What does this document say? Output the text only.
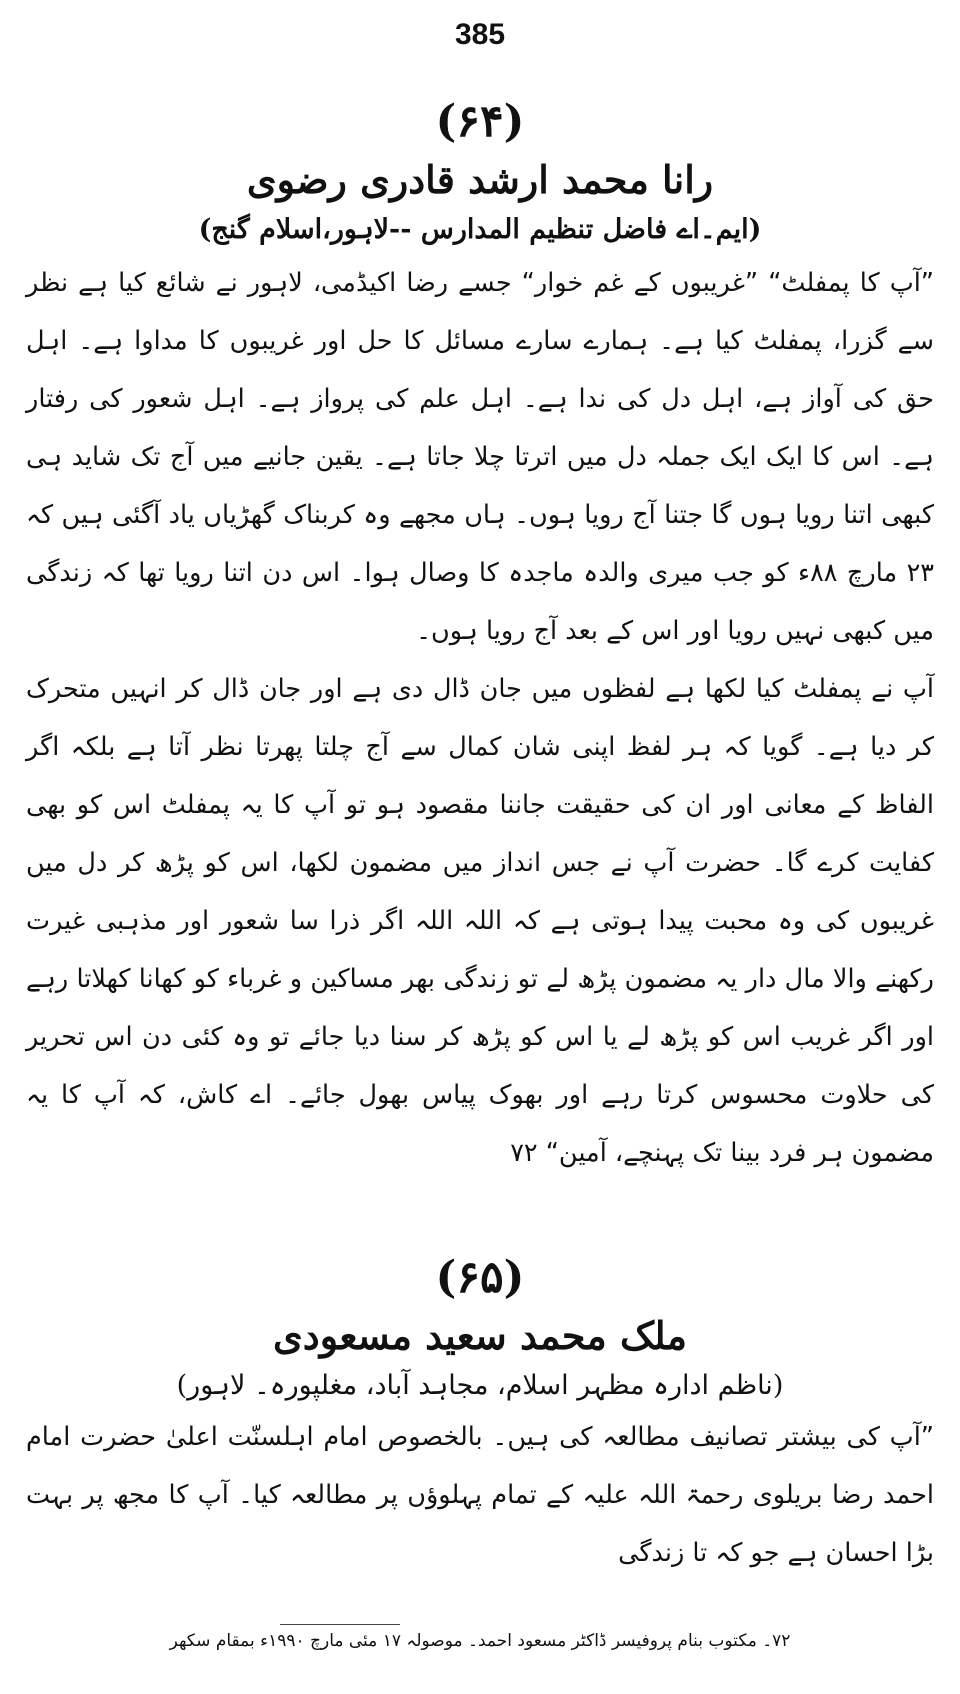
385
(۶۴)
رانا محمد ارشد قادری رضوی
(ایم۔اے فاضل تنظیم المدارس --لاہور،اسلام گنج)

”آپ کا پمفلٹ“ ”غریبوں کے غم خوار“ جسے رضا اکیڈمی، لاہور نے شائع کیا ہے نظر سے گزرا، پمفلٹ کیا ہے۔ ہمارے سارے مسائل کا حل اور غریبوں کا مداوا ہے۔ اہل حق کی آواز ہے، اہل دل کی ندا ہے۔ اہل علم کی پرواز ہے۔ اہل شعور کی رفتار ہے۔ اس کا ایک ایک جملہ دل میں اترتا چلا جاتا ہے۔ یقین جانیے میں آج تک شاید ہی کبھی اتنا رویا ہوں گا جتنا آج رویا ہوں۔ ہاں مجھے وہ کربناک گھڑیاں یاد آگئی ہیں کہ ۲۳ مارچ ۸۸ء کو جب میری والدہ ماجدہ کا وصال ہوا۔ اس دن اتنا رویا تھا کہ زندگی میں کبھی نہیں رویا اور اس کے بعد آج رویا ہوں۔

آپ نے پمفلٹ کیا لکھا ہے لفظوں میں جان ڈال دی ہے اور جان ڈال کر انہیں متحرک کر دیا ہے۔ گویا کہ ہر لفظ اپنی شان کمال سے آج چلتا پھرتا نظر آتا ہے بلکہ اگر الفاظ کے معانی اور ان کی حقیقت جاننا مقصود ہو تو آپ کا یہ پمفلٹ اس کو بھی کفایت کرے گا۔ حضرت آپ نے جس انداز میں مضمون لکھا، اس کو پڑھ کر دل میں غریبوں کی وہ محبت پیدا ہوتی ہے کہ اللہ اللہ اگر ذرا سا شعور اور مذہبی غیرت رکھنے والا مال دار یہ مضمون پڑھ لے تو زندگی بھر مساکین و غرباء کو کھانا کھلاتا رہے اور اگر غریب اس کو پڑھ لے یا اس کو پڑھ کر سنا دیا جائے تو وہ کئی دن اس تحریر کی حلاوت محسوس کرتا رہے اور بھوک پیاس بھول جائے۔ اے کاش، کہ آپ کا یہ مضمون ہر فرد بینا تک پہنچے، آمین“ ۷۲

(۶۵)
ملک محمد سعید مسعودی
(ناظم ادارہ مظہر اسلام، مجاہد آباد، مغلپورہ۔ لاہور)

”آپ کی بیشتر تصانیف مطالعہ کی ہیں۔ بالخصوص امام اہلسنّت اعلیٰ حضرت امام احمد رضا بریلوی رحمۃ اللہ علیہ کے تمام پہلوؤں پر مطالعہ کیا۔ آپ کا مجھ پر بہت بڑا احسان ہے جو کہ تا زندگی

۷۲۔ مکتوب بنام پروفیسر ڈاکٹر مسعود احمد۔ موصولہ ۱۷ مئی مارچ ۱۹۹۰ء بمقام سکھر
